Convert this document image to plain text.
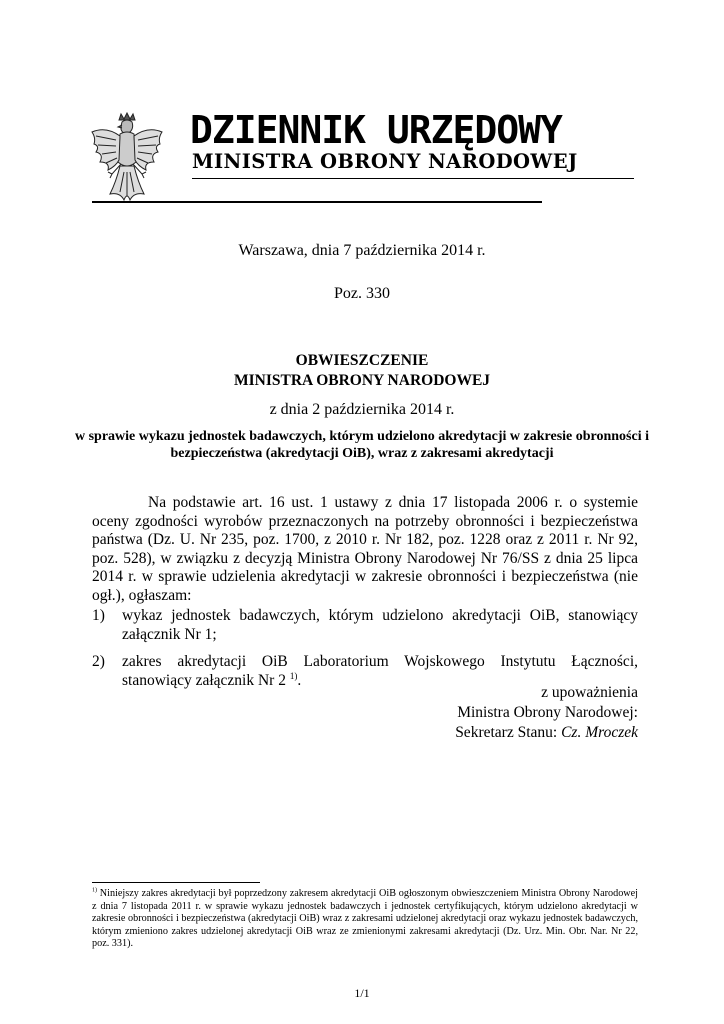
DZIENNIK URZĘDOWY
MINISTRA OBRONY NARODOWEJ
Warszawa, dnia 7 października 2014 r.
Poz. 330
OBWIESZCZENIE
MINISTRA OBRONY NARODOWEJ
z dnia 2 października 2014 r.
w sprawie wykazu jednostek badawczych, którym udzielono akredytacji w zakresie obronności i bezpieczeństwa (akredytacji OiB), wraz z zakresami akredytacji

Na podstawie art. 16 ust. 1 ustawy z dnia 17 listopada 2006 r. o systemie oceny zgodności wyrobów przeznaczonych na potrzeby obronności i bezpieczeństwa państwa (Dz. U. Nr 235, poz. 1700, z 2010 r. Nr 182, poz. 1228 oraz z 2011 r. Nr 92, poz. 528), w związku z decyzją Ministra Obrony Narodowej Nr 76/SS z dnia 25 lipca 2014 r. w sprawie udzielenia akredytacji w zakresie obronności i bezpieczeństwa (nie ogł.), ogłaszam:

1)	wykaz jednostek badawczych, którym udzielono akredytacji OiB, stanowiący załącznik Nr 1;
2)	zakres akredytacji OiB Laboratorium Wojskowego Instytutu Łączności, stanowiący załącznik Nr 2 $^{1)}$.
z upoważnienia
Ministra Obrony Narodowej:
Sekretarz Stanu: Cz. Mroczek
$^{1)}$ Niniejszy zakres akredytacji był poprzedzony zakresem akredytacji OiB ogłoszonym obwieszczeniem Ministra Obrony Narodowej z dnia 7 listopada 2011 r. w sprawie wykazu jednostek badawczych i jednostek certyfikujących, którym udzielono akredytacji w zakresie obronności i bezpieczeństwa (akredytacji OiB) wraz z zakresami udzielonej akredytacji oraz wykazu jednostek badawczych, którym zmieniono zakres udzielonej akredytacji OiB wraz ze zmienionymi zakresami akredytacji (Dz. Urz. Min. Obr. Nar. Nr 22, poz. 331).
1/1
